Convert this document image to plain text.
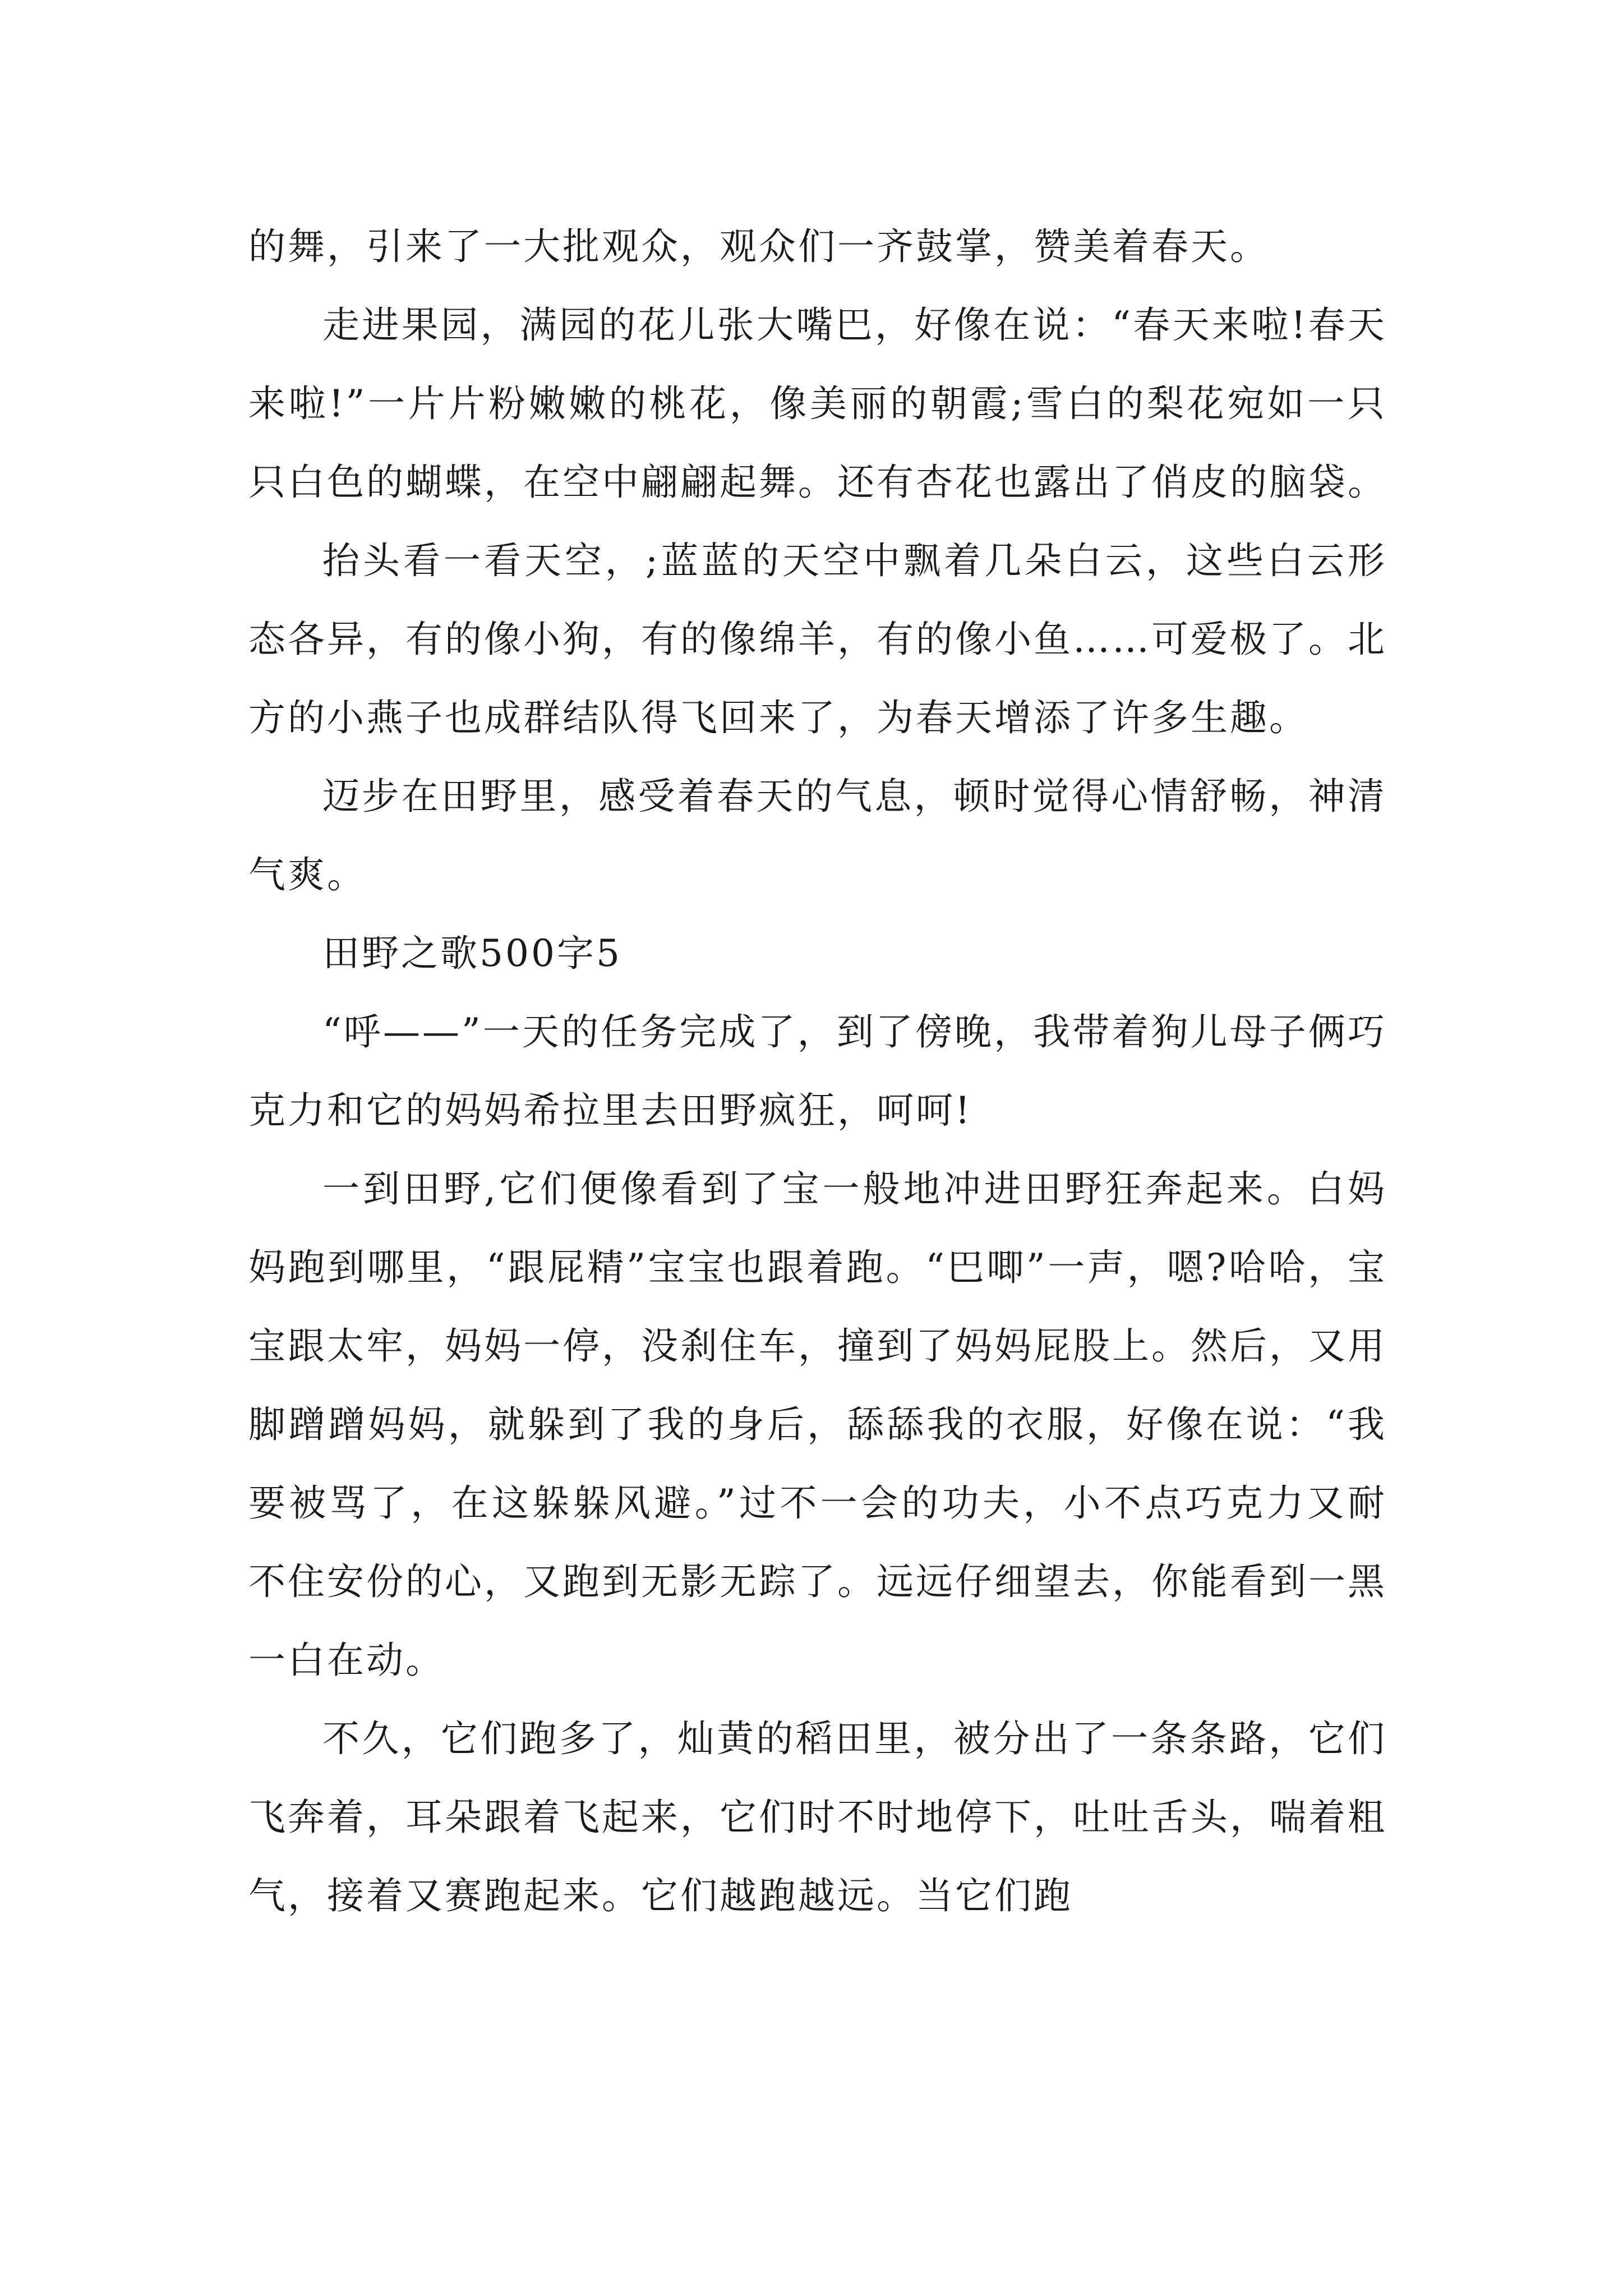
的舞，引来了一大批观众，观众们一齐鼓掌，赞美着春天。

走进果园，满园的花儿张大嘴巴，好像在说：“春天来啦!春天来啦!”一片片粉嫩嫩的桃花，像美丽的朝霞;雪白的梨花宛如一只只白色的蝴蝶，在空中翩翩起舞。还有杏花也露出了俏皮的脑袋。

抬头看一看天空，;蓝蓝的天空中飘着几朵白云，这些白云形态各异，有的像小狗，有的像绵羊，有的像小鱼……可爱极了。北方的小燕子也成群结队得飞回来了，为春天增添了许多生趣。

迈步在田野里，感受着春天的气息，顿时觉得心情舒畅，神清气爽。

田野之歌500字5

“呼——”一天的任务完成了，到了傍晚，我带着狗儿母子俩巧克力和它的妈妈希拉里去田野疯狂，呵呵!

一到田野,它们便像看到了宝一般地冲进田野狂奔起来。白妈妈跑到哪里，“跟屁精”宝宝也跟着跑。“巴唧”一声，嗯?哈哈，宝宝跟太牢，妈妈一停，没刹住车，撞到了妈妈屁股上。然后，又用脚蹭蹭妈妈，就躲到了我的身后，舔舔我的衣服，好像在说：“我要被骂了，在这躲躲风避。”过不一会的功夫，小不点巧克力又耐不住安份的心，又跑到无影无踪了。远远仔细望去，你能看到一黑一白在动。

不久，它们跑多了，灿黄的稻田里，被分出了一条条路，它们飞奔着，耳朵跟着飞起来，它们时不时地停下，吐吐舌头，喘着粗气，接着又赛跑起来。它们越跑越远。当它们跑
